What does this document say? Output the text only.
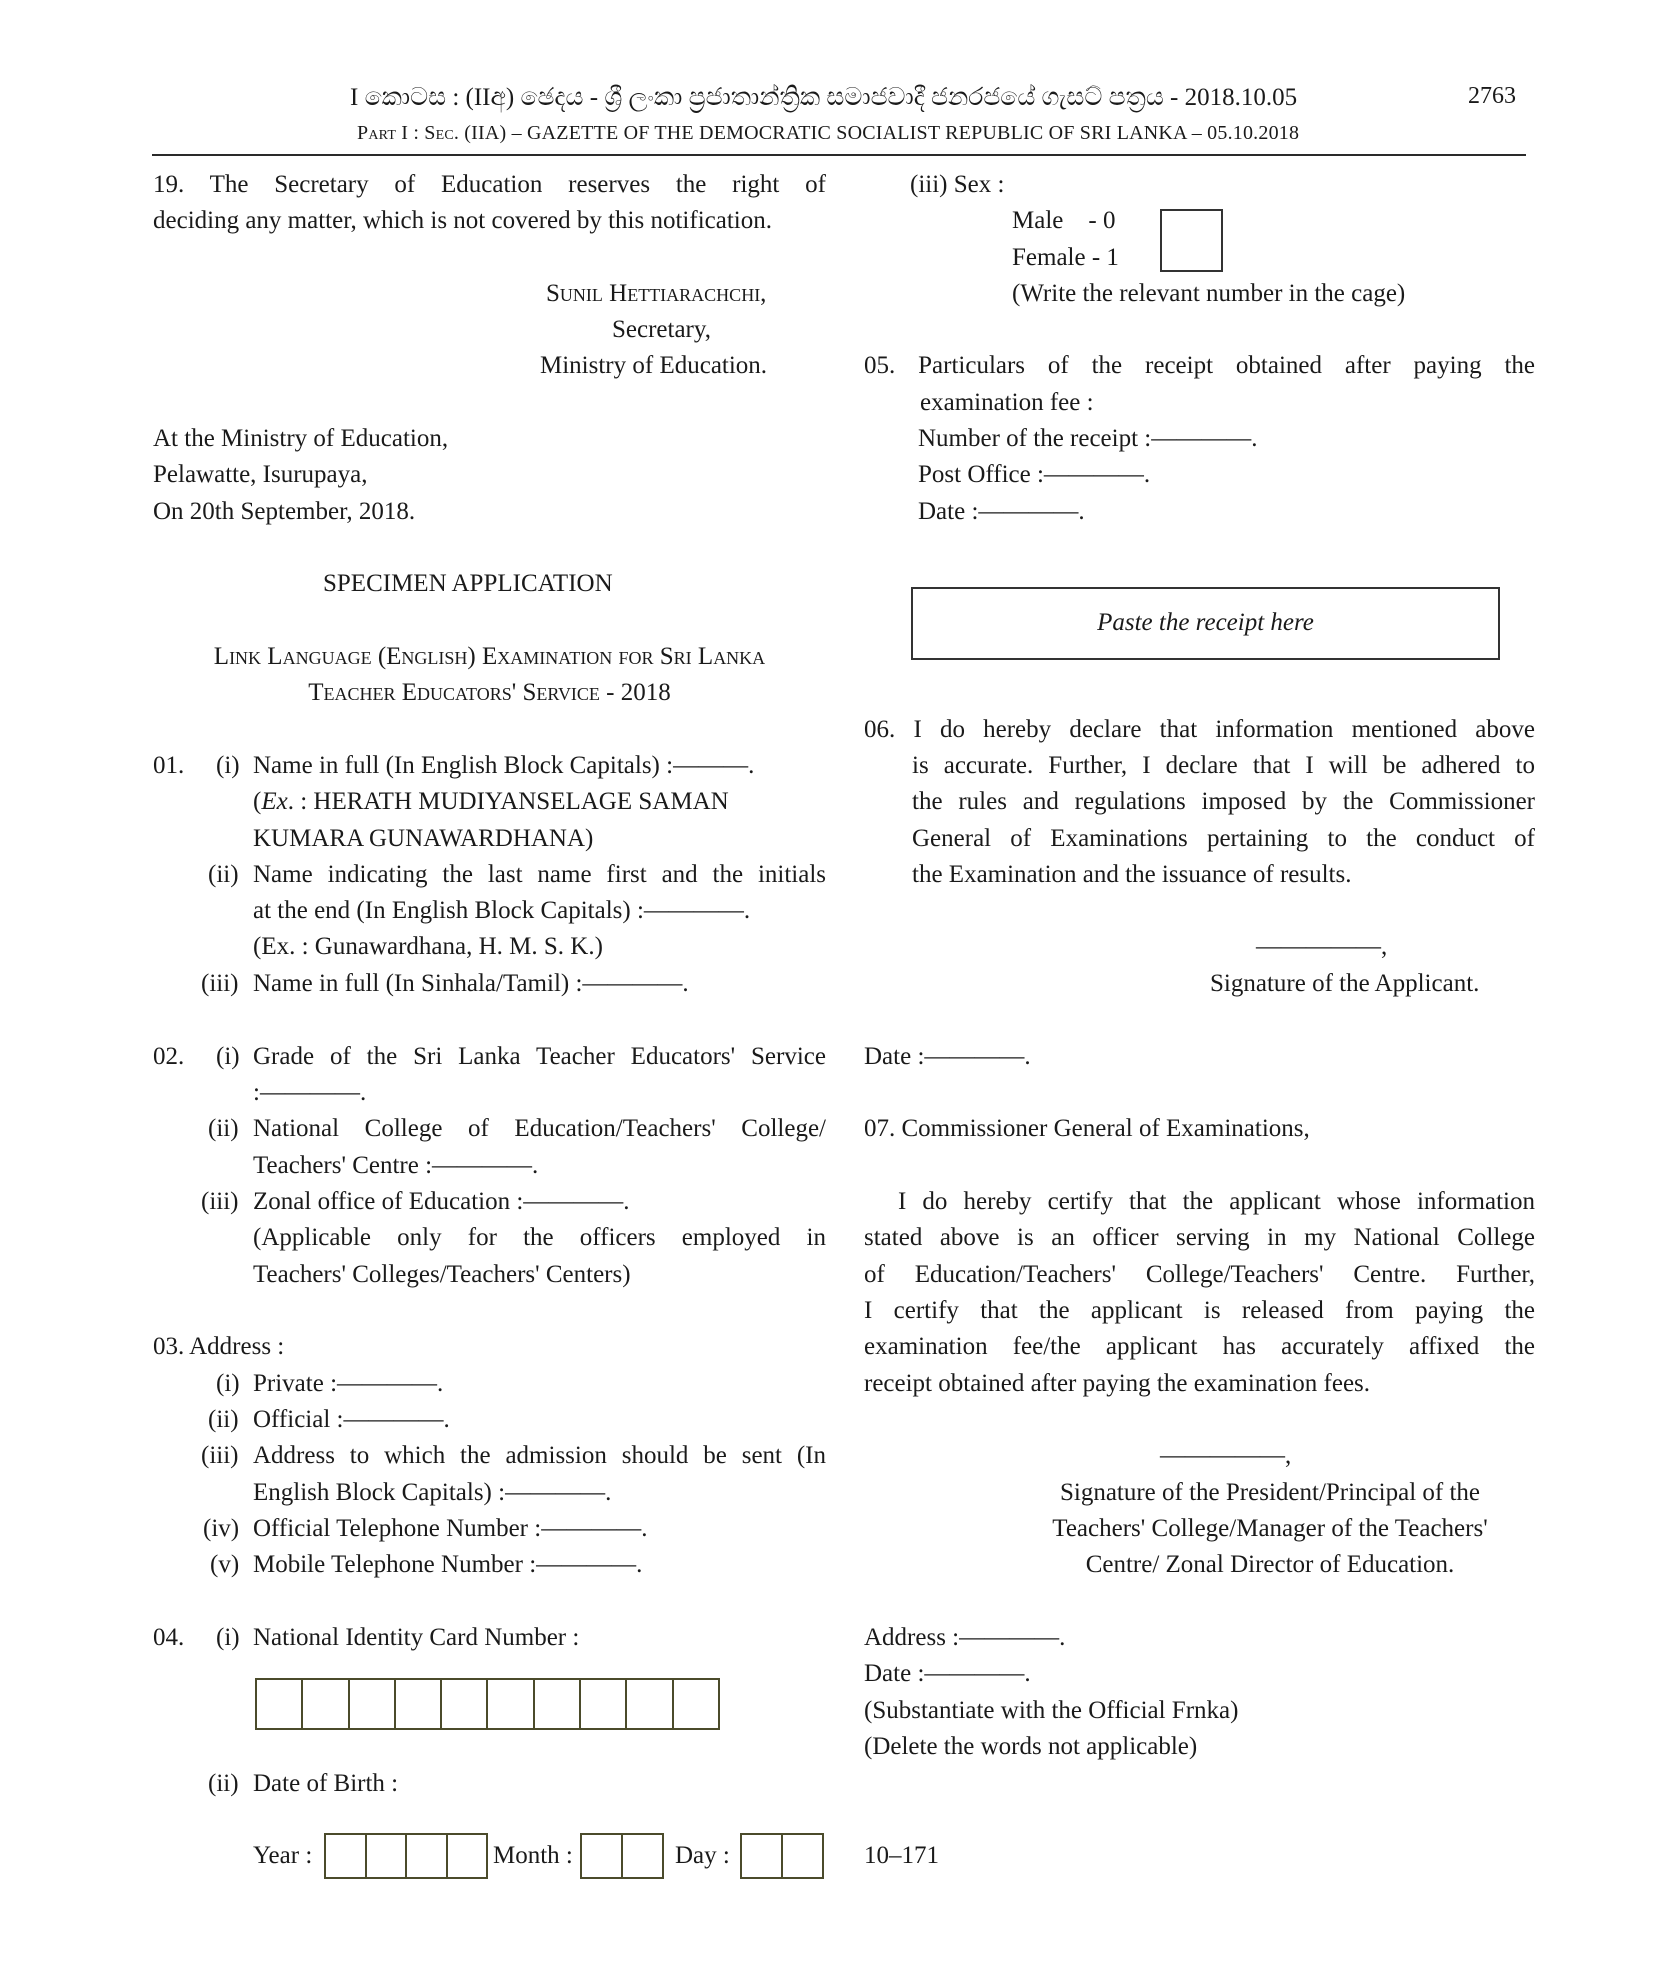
I කොටස : (IIඅ) ඡෙදය - ශ්‍රී ලංකා ප්‍රජාතාන්ත්‍රික සමාජවාදී ජනරජයේ ගැසට් පත්‍රය - 2018.10.05	2763
Part I : Sec. (IIA) – GAZETTE OF THE DEMOCRATIC SOCIALIST REPUBLIC OF SRI LANKA – 05.10.2018
19. The Secretary of Education reserves the right of
deciding any matter, which is not covered by this notification.
Sunil Hettiarachchi,
Secretary,
Ministry of Education.
At the Ministry of Education,
Pelawatte, Isurupaya,
On 20th September, 2018.
SPECIMEN APPLICATION
Link Language (English) Examination for Sri Lanka
Teacher Educators' Service - 2018
01. (i) Name in full (In English Block Capitals) :———.
(Ex. : HERATH MUDIYANSELAGE SAMAN
KUMARA GUNAWARDHANA)
(ii) Name indicating the last name first and the initials
at the end (In English Block Capitals) :————.
(Ex. : Gunawardhana, H. M. S. K.)
(iii) Name in full (In Sinhala/Tamil) :————.
02. (i) Grade of the Sri Lanka Teacher Educators' Service
:————.
(ii) National College of Education/Teachers' College/
Teachers' Centre :————.
(iii) Zonal office of Education :————.
(Applicable only for the officers employed in
Teachers' Colleges/Teachers' Centers)
03. Address :
(i) Private :————.
(ii) Official :————.
(iii) Address to which the admission should be sent (In
English Block Capitals) :————.
(iv) Official Telephone Number :————.
(v) Mobile Telephone Number :————.
04. (i) National Identity Card Number :
(ii) Date of Birth :
Year :	Month :	Day :
(iii) Sex :
Male    - 0
Female - 1
(Write the relevant number in the cage)
05. Particulars of the receipt obtained after paying the
examination fee :
Number of the receipt :————.
Post Office :————.
Date :————.
Paste the receipt here
06. I do hereby declare that information mentioned above
is accurate. Further, I declare that I will be adhered to
the rules and regulations imposed by the Commissioner
General of Examinations pertaining to the conduct of
the Examination and the issuance of results.
—————,
Signature of the Applicant.
Date :————.
07. Commissioner General of Examinations,
I do hereby certify that the applicant whose information
stated above is an officer serving in my National College
of Education/Teachers' College/Teachers' Centre. Further,
I certify that the applicant is released from paying the
examination fee/the applicant has accurately affixed the
receipt obtained after paying the examination fees.
—————,
Signature of the President/Principal of the
Teachers' College/Manager of the Teachers'
Centre/ Zonal Director of Education.
Address :————.
Date :————.
(Substantiate with the Official Frnka)
(Delete the words not applicable)
10–171
